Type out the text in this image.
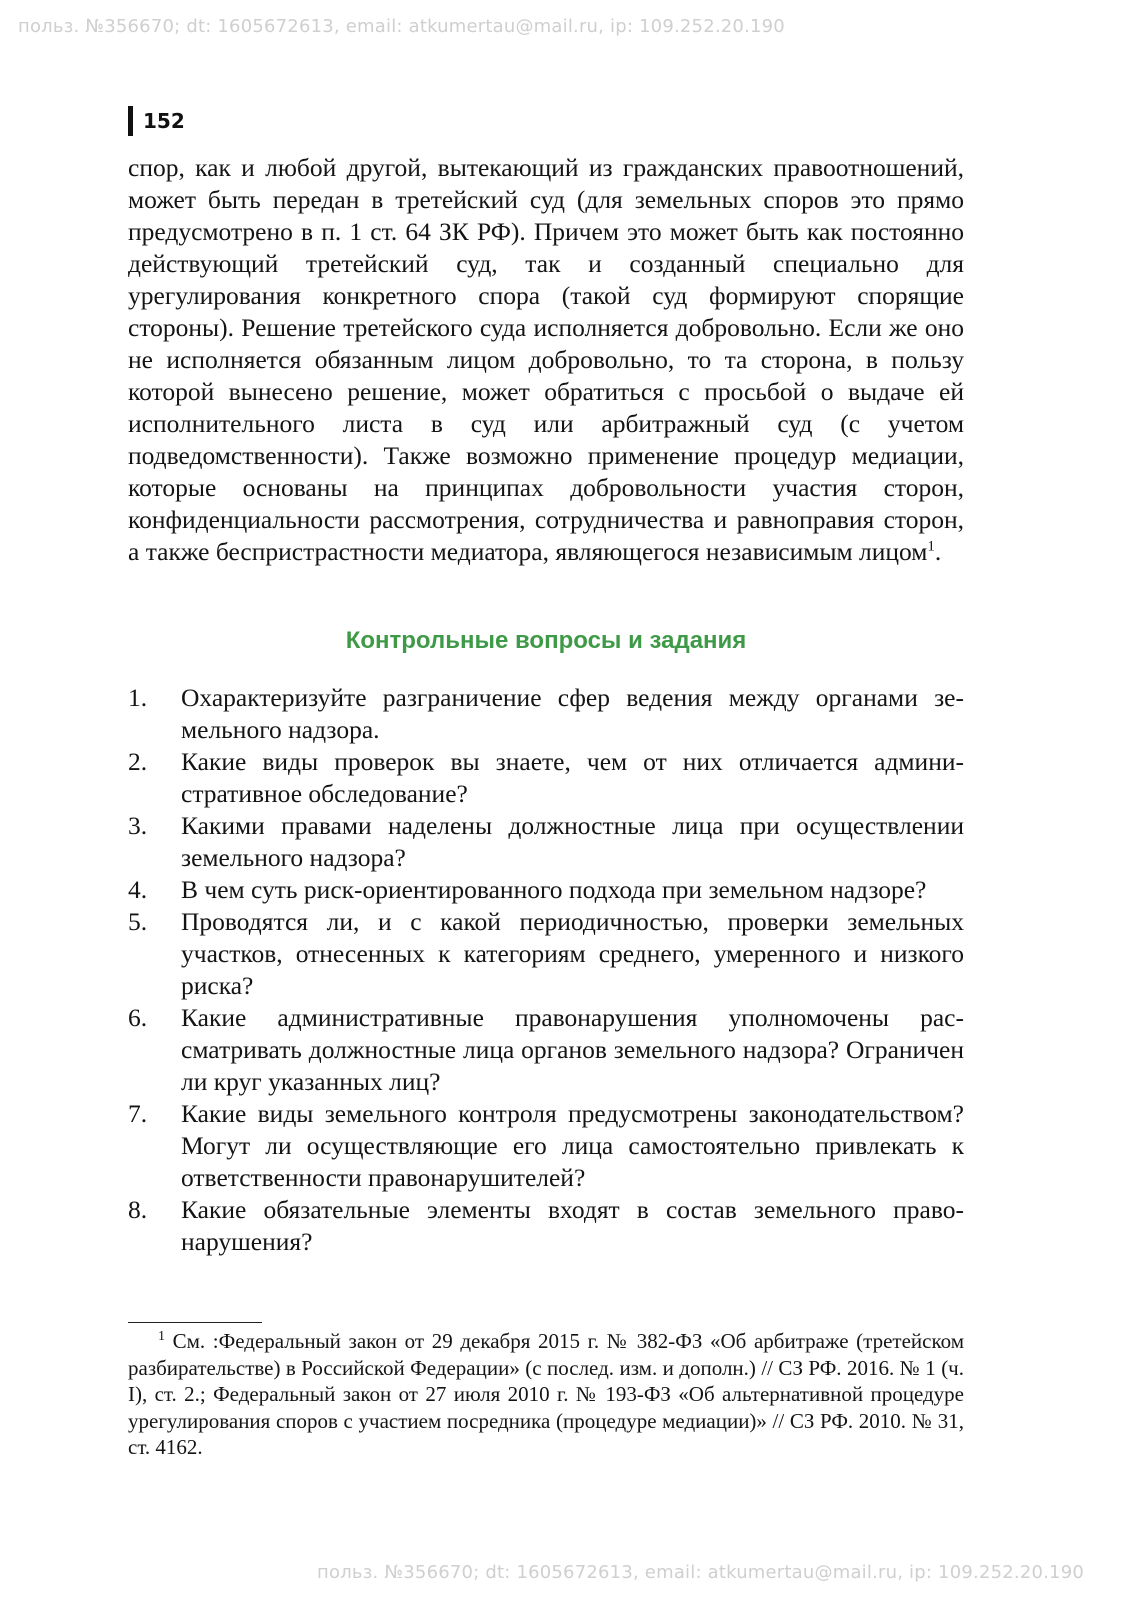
польз. №356670; dt: 1605672613, email: atkumertau@mail.ru, ip: 109.252.20.190
152

спор, как и любой другой, вытекающий из гражданских правоотношений, может быть передан в третейский суд (для земельных споров это прямо предусмотрено в п. 1 ст. 64 ЗК РФ). Причем это может быть как постоянно действующий третейский суд, так и созданный специально для урегулирования конкретного спора (такой суд формируют спорящие стороны). Решение третейского суда исполняется добровольно. Если же оно не исполняется обязанным лицом добровольно, то та сторона, в пользу которой вынесено решение, может обратиться с просьбой о выдаче ей исполнительного листа в суд или арбитражный суд (с учетом подведомственности). Также возможно применение процедур медиации, которые основаны на принципах добровольности участия сторон, конфиденциальности рассмотрения, сотрудничества и равноправия сторон, а также беспристрастности медиатора, являющегося независимым лицом$^1$.

Контрольные вопросы и задания
1. Охарактеризуйте разграничение сфер ведения между органами земельного надзора.
2. Какие виды проверок вы знаете, чем от них отличается административное обследование?
3. Какими правами наделены должностные лица при осуществлении земельного надзора?
4. В чем суть риск-ориентированного подхода при земельном надзоре?
5. Проводятся ли, и с какой периодичностью, проверки земельных участков, отнесенных к категориям среднего, умеренного и низкого риска?
6. Какие административные правонарушения уполномочены рассматривать должностные лица органов земельного надзора? Ограничен ли круг указанных лиц?
7. Какие виды земельного контроля предусмотрены законодательством? Могут ли осуществляющие его лица самостоятельно привлекать к ответственности правонарушителей?
8. Какие обязательные элементы входят в состав земельного правонарушения?

$^1$ См. :Федеральный закон от 29 декабря 2015 г. № 382-ФЗ «Об арбитраже (третейском разбирательстве) в Российской Федерации» (с послед. изм. и дополн.) // СЗ РФ. 2016. № 1 (ч. I), ст. 2.; Федеральный закон от 27 июля 2010 г. № 193-ФЗ «Об альтернативной процедуре урегулирования споров с участием посредника (процедуре медиации)» // СЗ РФ. 2010. № 31, ст. 4162.

польз. №356670; dt: 1605672613, email: atkumertau@mail.ru, ip: 109.252.20.190
